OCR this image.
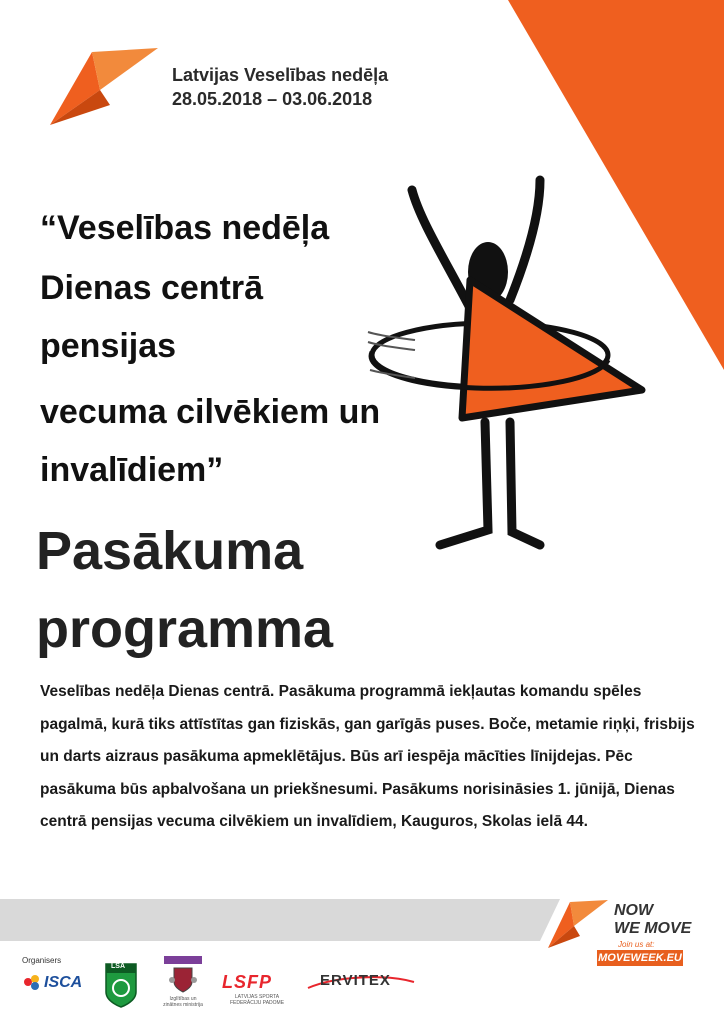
Latvijas Veselības nedēļa
28.05.2018 – 03.06.2018
“Veselības nedēļa
Dienas centrā
pensijas
vecuma cilvēkiem un
invalīdiem”
Pasākuma
programma
Veselības nedēļa Dienas centrā. Pasākuma programmā iekļautas komandu spēles pagalmā, kurā tiks attīstītas gan fiziskās, gan garīgās puses. Boče, metamie riņķi, frisbijs un darts aizraus pasākuma apmeklētājus. Būs arī iespēja mācīties līnijdejas. Pēc pasākuma būs apbalvošana un priekšnesumi. Pasākums norisināsies 1. jūnijā, Dienas centrā pensijas vecuma cilvēkiem un invalīdiem, Kauguros, Skolas ielā 44.
NOW
WE MOVE
Join us at:
MOVEWEEK.EU
Organisers
ISCA
LSA
Izglītības un zinātnes ministrija
LSFP
LATVIJAS SPORTA FEDERĀCIJU PADOME
ERVITEX
